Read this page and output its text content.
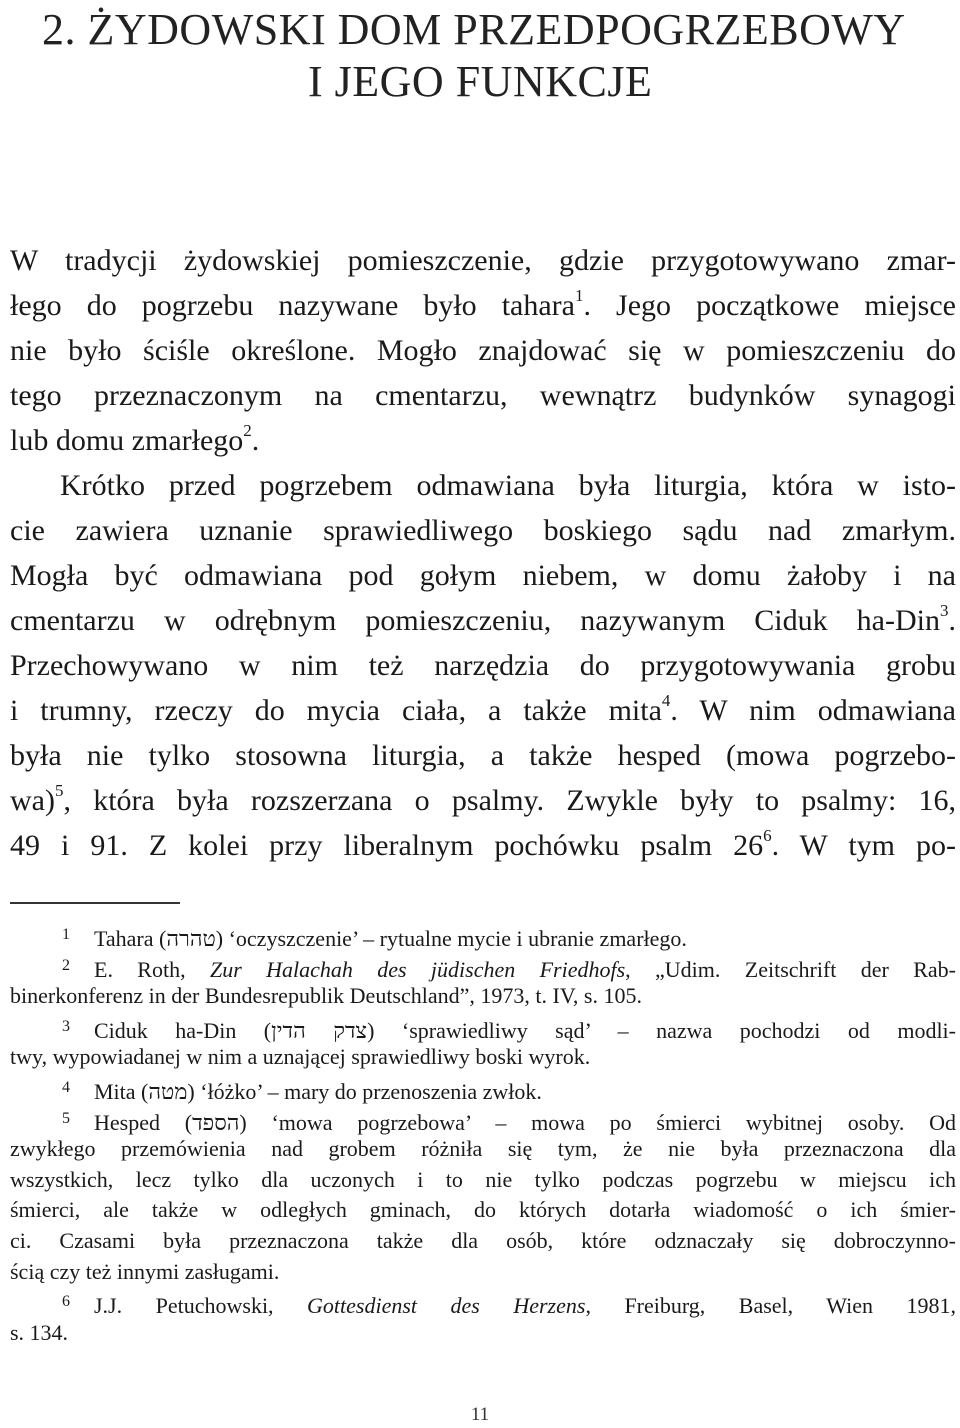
2. ŻYDOWSKI DOM PRZEDPOGRZEBOWY
I JEGO FUNKCJE
W tradycji żydowskiej pomieszczenie, gdzie przygotowywano zmar-
łego do pogrzebu nazywane było tahara$^1$. Jego początkowe miejsce
nie było ściśle określone. Mogło znajdować się w pomieszczeniu do
tego przeznaczonym na cmentarzu, wewnątrz budynków synagogi
lub domu zmarłego$^2$.
Krótko przed pogrzebem odmawiana była liturgia, która w isto-
cie zawiera uznanie sprawiedliwego boskiego sądu nad zmarłym.
Mogła być odmawiana pod gołym niebem, w domu żałoby i na
cmentarzu w odrębnym pomieszczeniu, nazywanym Ciduk ha-Din$^3$.
Przechowywano w nim też narzędzia do przygotowywania grobu
i trumny, rzeczy do mycia ciała, a także mita$^4$. W nim odmawiana
była nie tylko stosowna liturgia, a także hesped (mowa pogrzebo-
wa)$^5$, która była rozszerzana o psalmy. Zwykle były to psalmy: 16,
49 i 91. Z kolei przy liberalnym pochówku psalm $26^6$. W tym po-
1 Tahara (טהרה) ‘oczyszczenie’ – rytualne mycie i ubranie zmarłego.
2 E. Roth, Zur Halachah des jüdischen Friedhofs, „Udim. Zeitschrift der Rab-
binerkonferenz in der Bundesrepublik Deutschland”, 1973, t. IV, s. 105.
3 Ciduk ha-Din (צדק הדין) ‘sprawiedliwy sąd’ – nazwa pochodzi od modli-
twy, wypowiadanej w nim a uznającej sprawiedliwy boski wyrok.
4 Mita (מטה) ‘łóżko’ – mary do przenoszenia zwłok.
5 Hesped (הספד) ‘mowa pogrzebowa’ – mowa po śmierci wybitnej osoby. Od
zwykłego przemówienia nad grobem różniła się tym, że nie była przeznaczona dla
wszystkich, lecz tylko dla uczonych i to nie tylko podczas pogrzebu w miejscu ich
śmierci, ale także w odległych gminach, do których dotarła wiadomość o ich śmier-
ci. Czasami była przeznaczona także dla osób, które odznaczały się dobroczynno-
ścią czy też innymi zasługami.
6 J.J. Petuchowski, Gottesdienst des Herzens, Freiburg, Basel, Wien 1981,
s. 134.
11
